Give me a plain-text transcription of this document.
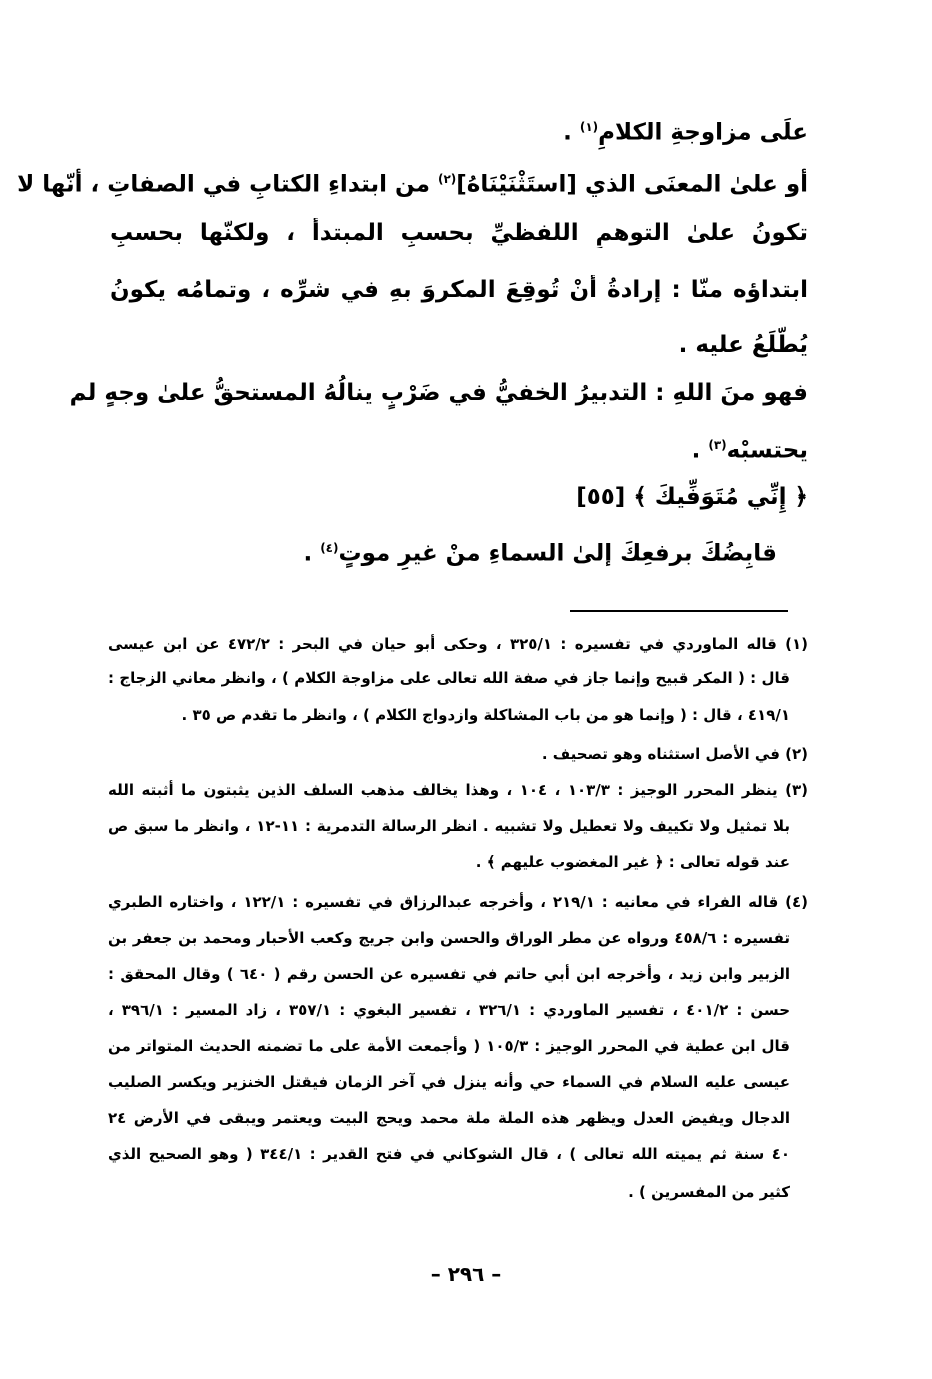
علَى مزاوجةِ الكلامِ$^{(١)}$ .
أو علىٰ المعنَى الذي [استَثْنَيْنَاهُ]$^{(٢)}$ من ابتداءِ الكتابِ في الصفاتِ ، أنّها لا
تكونُ علىٰ التوهمِ اللفظيِّ بحسبِ المبتدأ ، ولكنّها بحسبِ
ابتداؤه منّا : إرادةُ أَنْ تُوقِعَ المكروَ بهِ في شرِّه ، وتمامُه يكونُ
يُطّلَعُ عليه .
فهو منَ اللهِ : التدبيرُ الخفيُّ في ضَرْبٍ ينالُهُ المستحقُّ علىٰ وجهٍ لم
يحتسبْه$^{(٣)}$ .
﴿ إِنِّي مُتَوَفِّيكَ ﴾ [٥٥]
قابِضُكَ برفعِكَ إلىٰ السماءِ منْ غيرِ موتٍ$^{(٤)}$ .
(١) قاله الماوردي في تفسيره : ٣٢٥/١ ، وحكى أبو حيان في البحر : ٤٧٢/٢ عن ابن عيسى
قال : ( المكر قبيح وإنما جاز في صفة الله تعالى على مزاوجة الكلام ) ، وانظر معاني الزجاج :
٤١٩/١ ، قال : ( وإنما هو من باب المشاكلة وازدواج الكلام ) ، وانظر ما تقدم ص ٣٥ .
(٢) في الأصل استثناه وهو تصحيف .
(٣) ينظر المحرر الوجيز : ١٠٣/٣ ، ١٠٤ ، وهذا يخالف مذهب السلف الذين يثبتون ما أثبته الله
بلا تمثيل ولا تكييف ولا تعطيل ولا تشبيه . انظر الرسالة التدمرية : ١١-١٢ ، وانظر ما سبق ص
عند قوله تعالى : ﴿ غير المغضوب عليهم ﴾ .
(٤) قاله الفراء في معانيه : ٢١٩/١ ، وأخرجه عبدالرزاق في تفسيره : ١٢٢/١ ، واختاره الطبري
تفسيره : ٤٥٨/٦ ورواه عن مطر الوراق والحسن وابن جريج وكعب الأحبار ومحمد بن جعفر بن
الزبير وابن زيد ، وأخرجه ابن أبي حاتم في تفسيره عن الحسن رقم ( ٦٤٠ ) وقال المحقق :
حسن : ٤٠١/٢ ، تفسير الماوردي : ٣٢٦/١ ، تفسير البغوي : ٣٥٧/١ ، زاد المسير : ٣٩٦/١ ،
قال ابن عطية في المحرر الوجيز : ١٠٥/٣ ( وأجمعت الأمة على ما تضمنه الحديث المتواتر من
عيسى عليه السلام في السماء حي وأنه ينزل في آخر الزمان فيقتل الخنزير ويكسر الصليب
الدجال ويفيض العدل ويظهر هذه الملة ملة محمد ويحج البيت ويعتمر ويبقى في الأرض ٢٤
٤٠ سنة ثم يميته الله تعالى ) ، قال الشوكاني في فتح القدير : ٣٤٤/١ ( وهو الصحيح الذي
كثير من المفسرين ) .
– ٢٩٦ –
